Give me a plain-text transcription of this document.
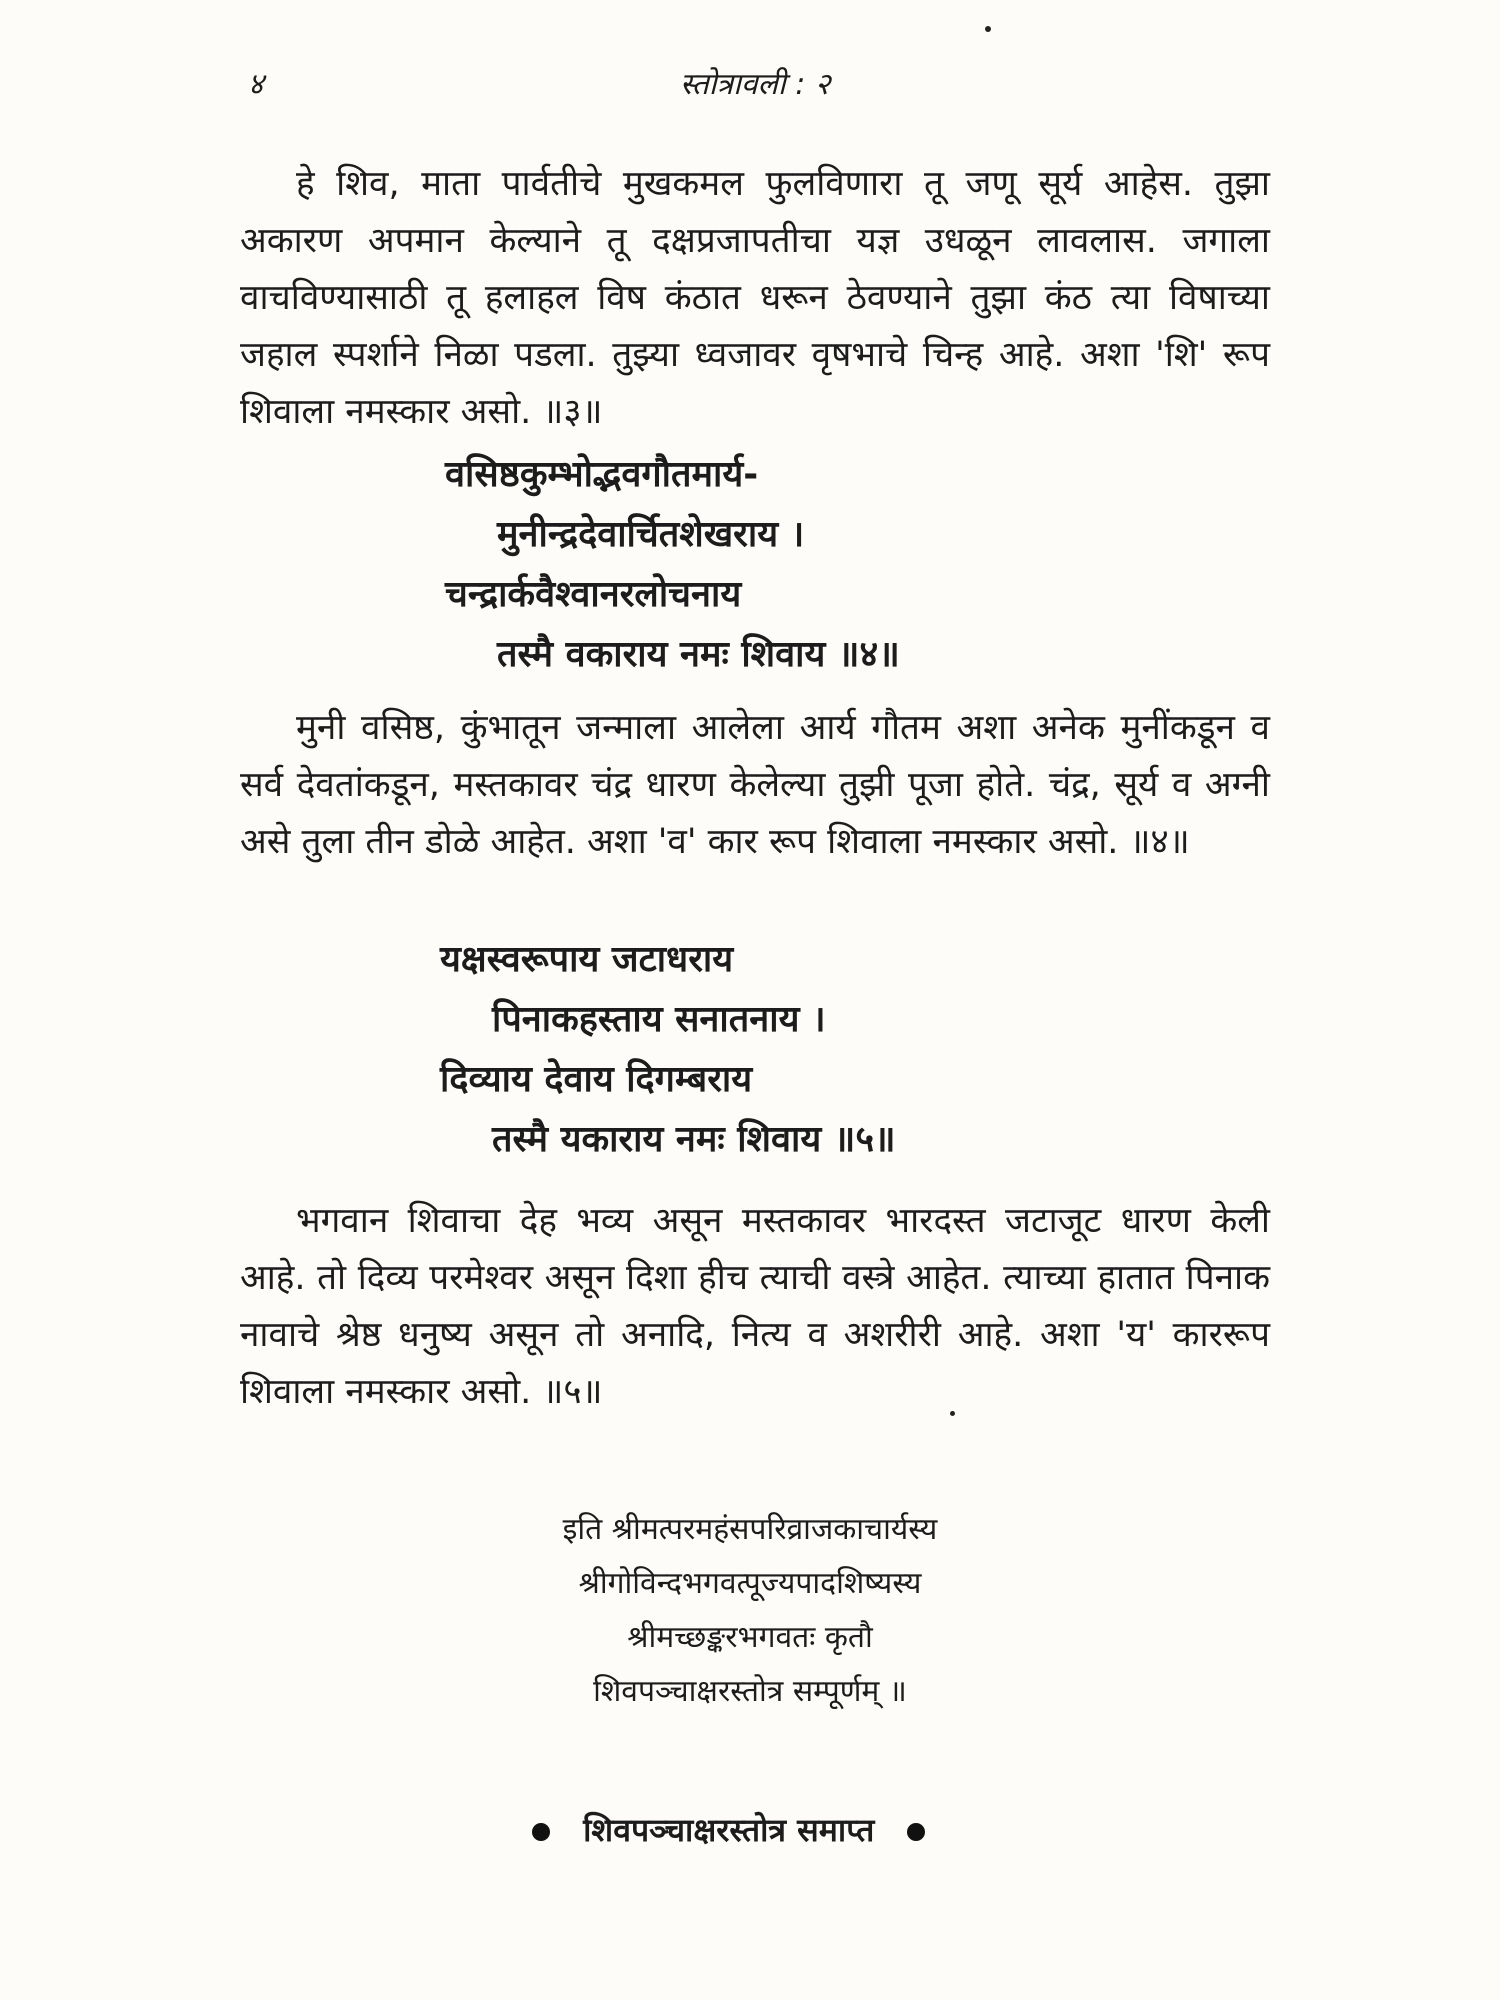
४	स्तोत्रावली : २

हे शिव, माता पार्वतीचे मुखकमल फुलविणारा तू जणू सूर्य आहेस. तुझा अकारण अपमान केल्याने तू दक्षप्रजापतीचा यज्ञ उधळून लावलास. जगाला वाचविण्यासाठी तू हलाहल विष कंठात धरून ठेवण्याने तुझा कंठ त्या विषाच्या जहाल स्पर्शाने निळा पडला. तुझ्या ध्वजावर वृषभाचे चिन्ह आहे. अशा 'शि' रूप शिवाला नमस्कार असो. ॥३॥

वसिष्ठकुम्भोद्भवगौतमार्य-

मुनीन्द्रदेवार्चितशेखराय ।

चन्द्रार्कवैश्वानरलोचनाय

तस्मै वकाराय नमः शिवाय ॥४॥

मुनी वसिष्ठ, कुंभातून जन्माला आलेला आर्य गौतम अशा अनेक मुनींकडून व सर्व देवतांकडून, मस्तकावर चंद्र धारण केलेल्या तुझी पूजा होते. चंद्र, सूर्य व अग्नी असे तुला तीन डोळे आहेत. अशा 'व' कार रूप शिवाला नमस्कार असो. ॥४॥

यक्षस्वरूपाय जटाधराय

पिनाकहस्ताय सनातनाय ।

दिव्याय देवाय दिगम्बराय

तस्मै यकाराय नमः शिवाय ॥५॥

भगवान शिवाचा देह भव्य असून मस्तकावर भारदस्त जटाजूट धारण केली आहे. तो दिव्य परमेश्वर असून दिशा हीच त्याची वस्त्रे आहेत. त्याच्या हातात पिनाक नावाचे श्रेष्ठ धनुष्य असून तो अनादि, नित्य व अशरीरी आहे. अशा 'य' काररूप शिवाला नमस्कार असो. ॥५॥

इति श्रीमत्परमहंसपरिव्राजकाचार्यस्य
श्रीगोविन्दभगवत्पूज्यपादशिष्यस्य
श्रीमच्छङ्करभगवतः कृतौ
शिवपञ्चाक्षरस्तोत्र सम्पूर्णम् ॥
शिवपञ्चाक्षरस्तोत्र समाप्त
